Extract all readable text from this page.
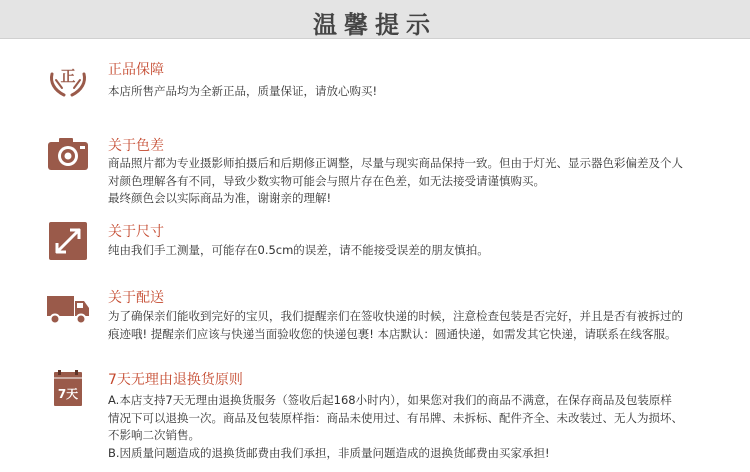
温馨提示
正 正品保障
本店所售产品均为全新正品，质量保证，请放心购买!
关于色差
商品照片都为专业摄影师拍摄后和后期修正调整，尽量与现实商品保持一致。但由于灯光、显示器色彩偏差及个人
对颜色理解各有不同，导致少数实物可能会与照片存在色差，如无法接受请谨慎购买。
最终颜色会以实际商品为准，谢谢亲的理解!
关于尺寸
纯由我们手工测量，可能存在0.5cm的误差，请不能接受误差的朋友慎拍。
关于配送
为了确保亲们能收到完好的宝贝，我们提醒亲们在签收快递的时候，注意检查包装是否完好，并且是否有被拆过的
痕迹哦! 提醒亲们应该与快递当面验收您的快递包裹! 本店默认：圆通快递，如需发其它快递，请联系在线客服。
7天
7天无理由退换货原则
A.本店支持7天无理由退换货服务（签收后起168小时内），如果您对我们的商品不满意，在保存商品及包装原样
情况下可以退换一次。商品及包装原样指：商品未使用过、有吊牌、未拆标、配件齐全、未改装过、无人为损坏、
不影响二次销售。
B.因质量问题造成的退换货邮费由我们承担，非质量问题造成的退换货邮费由买家承担!
